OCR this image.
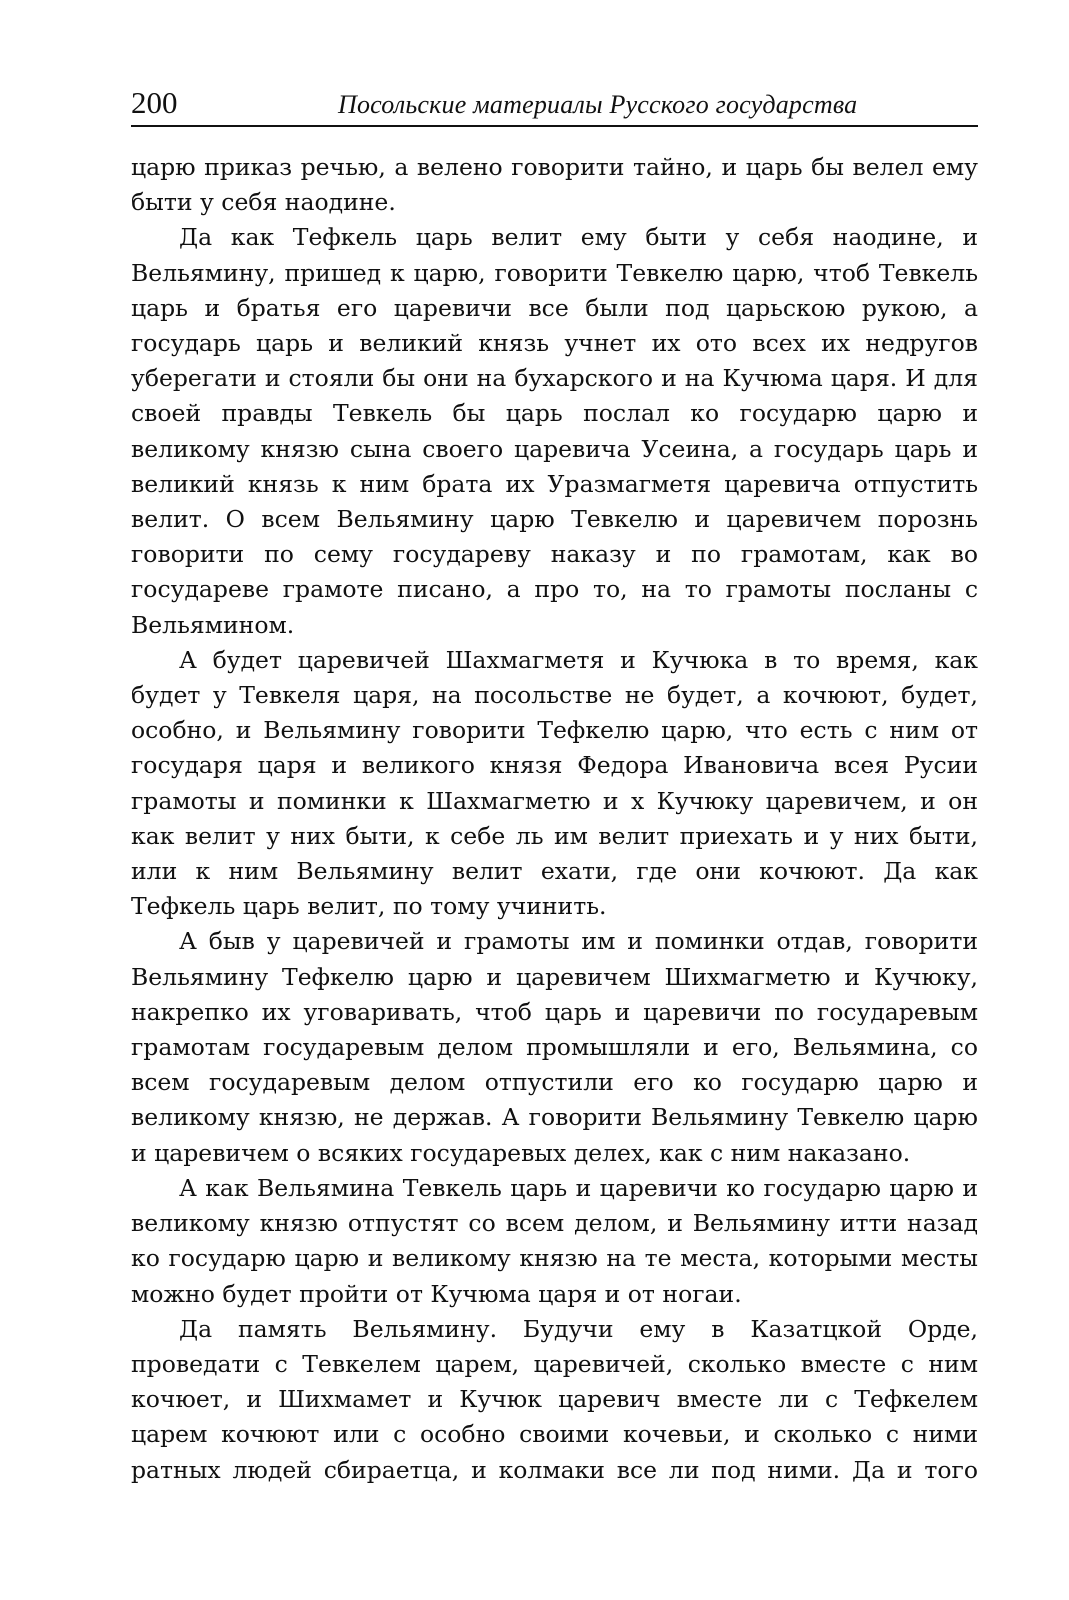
200	Посольские материалы Русского государства

царю приказ речью, а велено говорити тайно, и царь бы велел ему быти у себя наодине.

Да как Тефкель царь велит ему быти у себя наодине, и Вельямину, пришед к царю, говорити Тевкелю царю, чтоб Тевкель царь и братья его царевичи все были под царьскою рукою, а государь царь и великий князь учнет их ото всех их недругов уберегати и стояли бы они на бухарского и на Кучюма царя. И для своей правды Тевкель бы царь послал ко государю царю и великому князю сына своего царевича Усеина, а государь царь и великий князь к ним брата их Уразмагметя царевича отпустить велит. О всем Вельямину царю Тевкелю и царевичем порознь говорити по сему государеву наказу и по грамотам, как во государеве грамоте писано, а про то, на то грамоты посланы с Вельямином.

А будет царевичей Шахмагметя и Кучюка в то время, как будет у Тевкеля царя, на посольстве не будет, а кочюют, будет, особно, и Вельямину говорити Тефкелю царю, что есть с ним от государя царя и великого князя Федора Ивановича всея Русии грамоты и поминки к Шахмагметю и х Кучюку царевичем, и он как велит у них быти, к себе ль им велит приехать и у них быти, или к ним Вельямину велит ехати, где они кочюют. Да как Тефкель царь велит, по тому учинить.

А быв у царевичей и грамоты им и поминки отдав, говорити Вельямину Тефкелю царю и царевичем Шихмагметю и Кучюку, накрепко их уговаривать, чтоб царь и царевичи по государевым грамотам государевым делом промышляли и его, Вельямина, со всем государевым делом отпустили его ко государю царю и великому князю, не держав. А говорити Вельямину Тевкелю царю и царевичем о всяких государевых делех, как с ним наказано.

А как Вельямина Тевкель царь и царевичи ко государю царю и великому князю отпустят со всем делом, и Вельямину итти назад ко государю царю и великому князю на те места, которыми месты можно будет пройти от Кучюма царя и от ногаи.

Да память Вельямину. Будучи ему в Казатцкой Орде, проведати с Тевкелем царем, царевичей, сколько вместе с ним кочюет, и Шихмамет и Кучюк царевич вместе ли с Тефкелем царем кочюют или с особно своими кочевьи, и сколько с ними ратных людей сбираетца, и колмаки все ли под ними. Да и того
